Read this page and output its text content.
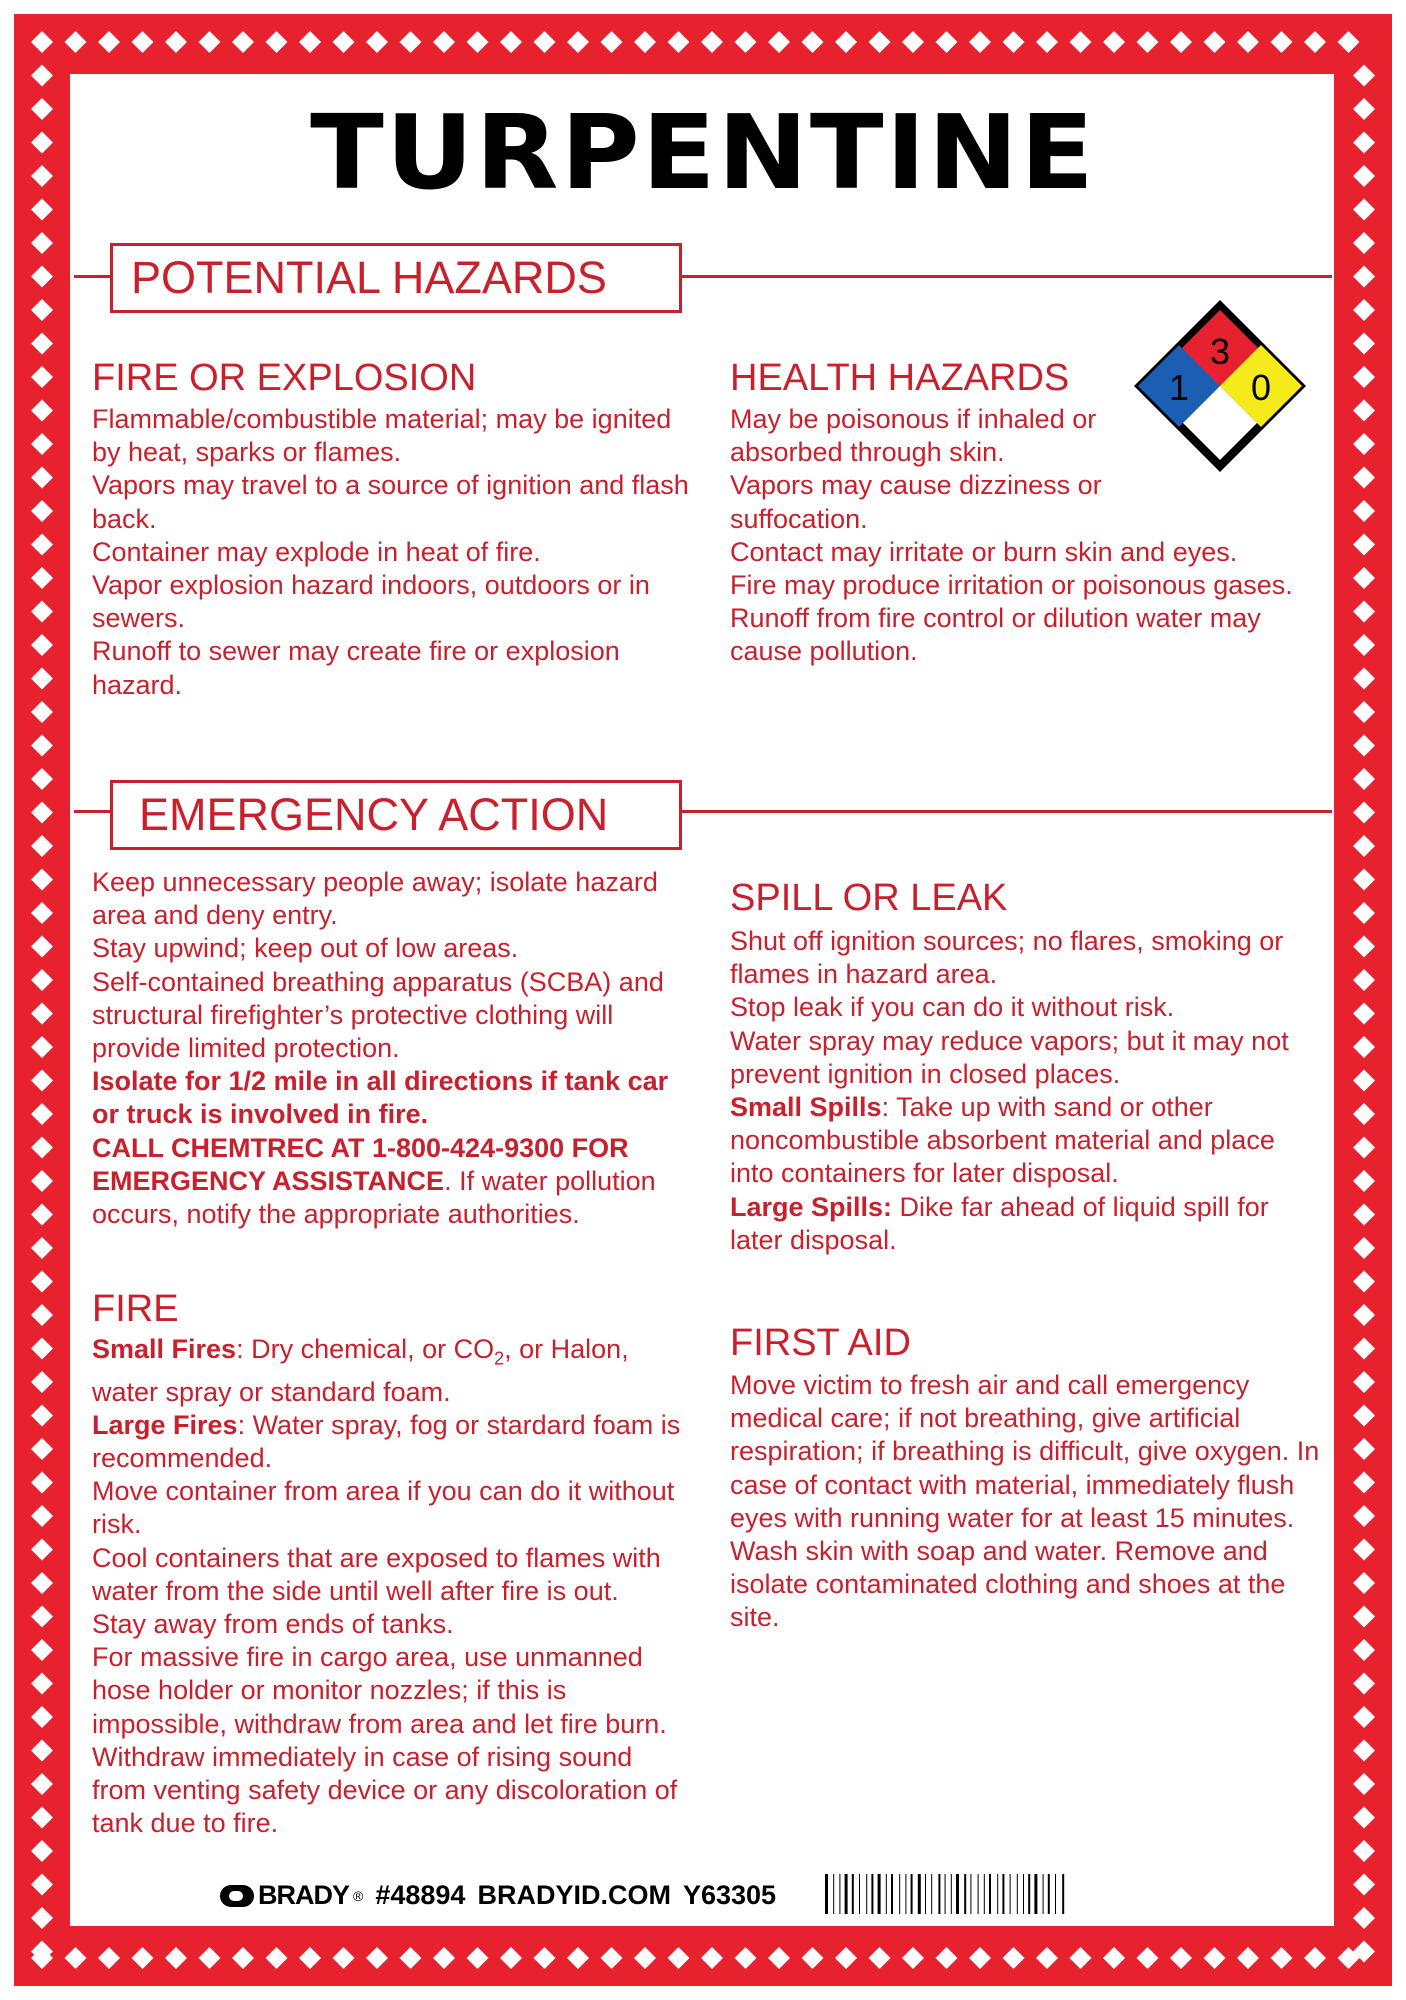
TURPENTINE
POTENTIAL HAZARDS
FIRE OR EXPLOSION

Flammable/combustible material; may be ignited by heat, sparks or flames.

Vapors may travel to a source of ignition and flash back.

Container may explode in heat of fire.

Vapor explosion hazard indoors, outdoors or in sewers.

Runoff to sewer may create fire or explosion hazard.

HEALTH HAZARDS

May be poisonous if inhaled or absorbed through skin.

Vapors may cause dizziness or suffocation.

Contact may irritate or burn skin and eyes.

Fire may produce irritation or poisonous gases.

Runoff from fire control or dilution water may cause pollution.

3
1 0
EMERGENCY ACTION

Keep unnecessary people away; isolate hazard area and deny entry.

Stay upwind; keep out of low areas.

Self-contained breathing apparatus (SCBA) and structural firefighter’s protective clothing will provide limited protection.

Isolate for 1/2 mile in all directions if tank car or truck is involved in fire.

CALL CHEMTREC AT 1-800-424-9300 FOR EMERGENCY ASSISTANCE. If water pollution occurs, notify the appropriate authorities.

SPILL OR LEAK

Shut off ignition sources; no flares, smoking or flames in hazard area.

Stop leak if you can do it without risk.

Water spray may reduce vapors; but it may not prevent ignition in closed places.

Small Spills: Take up with sand or other noncombustible absorbent material and place into containers for later disposal.

Large Spills: Dike far ahead of liquid spill for later disposal.

FIRE

Small Fires: Dry chemical, or $CO_2$, or Halon, water spray or standard foam.

Large Fires: Water spray, fog or stardard foam is recommended.

Move container from area if you can do it without risk.

Cool containers that are exposed to flames with water from the side until well after fire is out. Stay away from ends of tanks.

For massive fire in cargo area, use unmanned hose holder or monitor nozzles; if this is impossible, withdraw from area and let fire burn.

Withdraw immediately in case of rising sound from venting safety device or any discoloration of tank due to fire.

FIRST AID

Move victim to fresh air and call emergency medical care; if not breathing, give artificial respiration; if breathing is difficult, give oxygen. In case of contact with material, immediately flush eyes with running water for at least 15 minutes. Wash skin with soap and water. Remove and isolate contaminated clothing and shoes at the site.

BRADY ® #48894 BRADYID.COM Y63305
